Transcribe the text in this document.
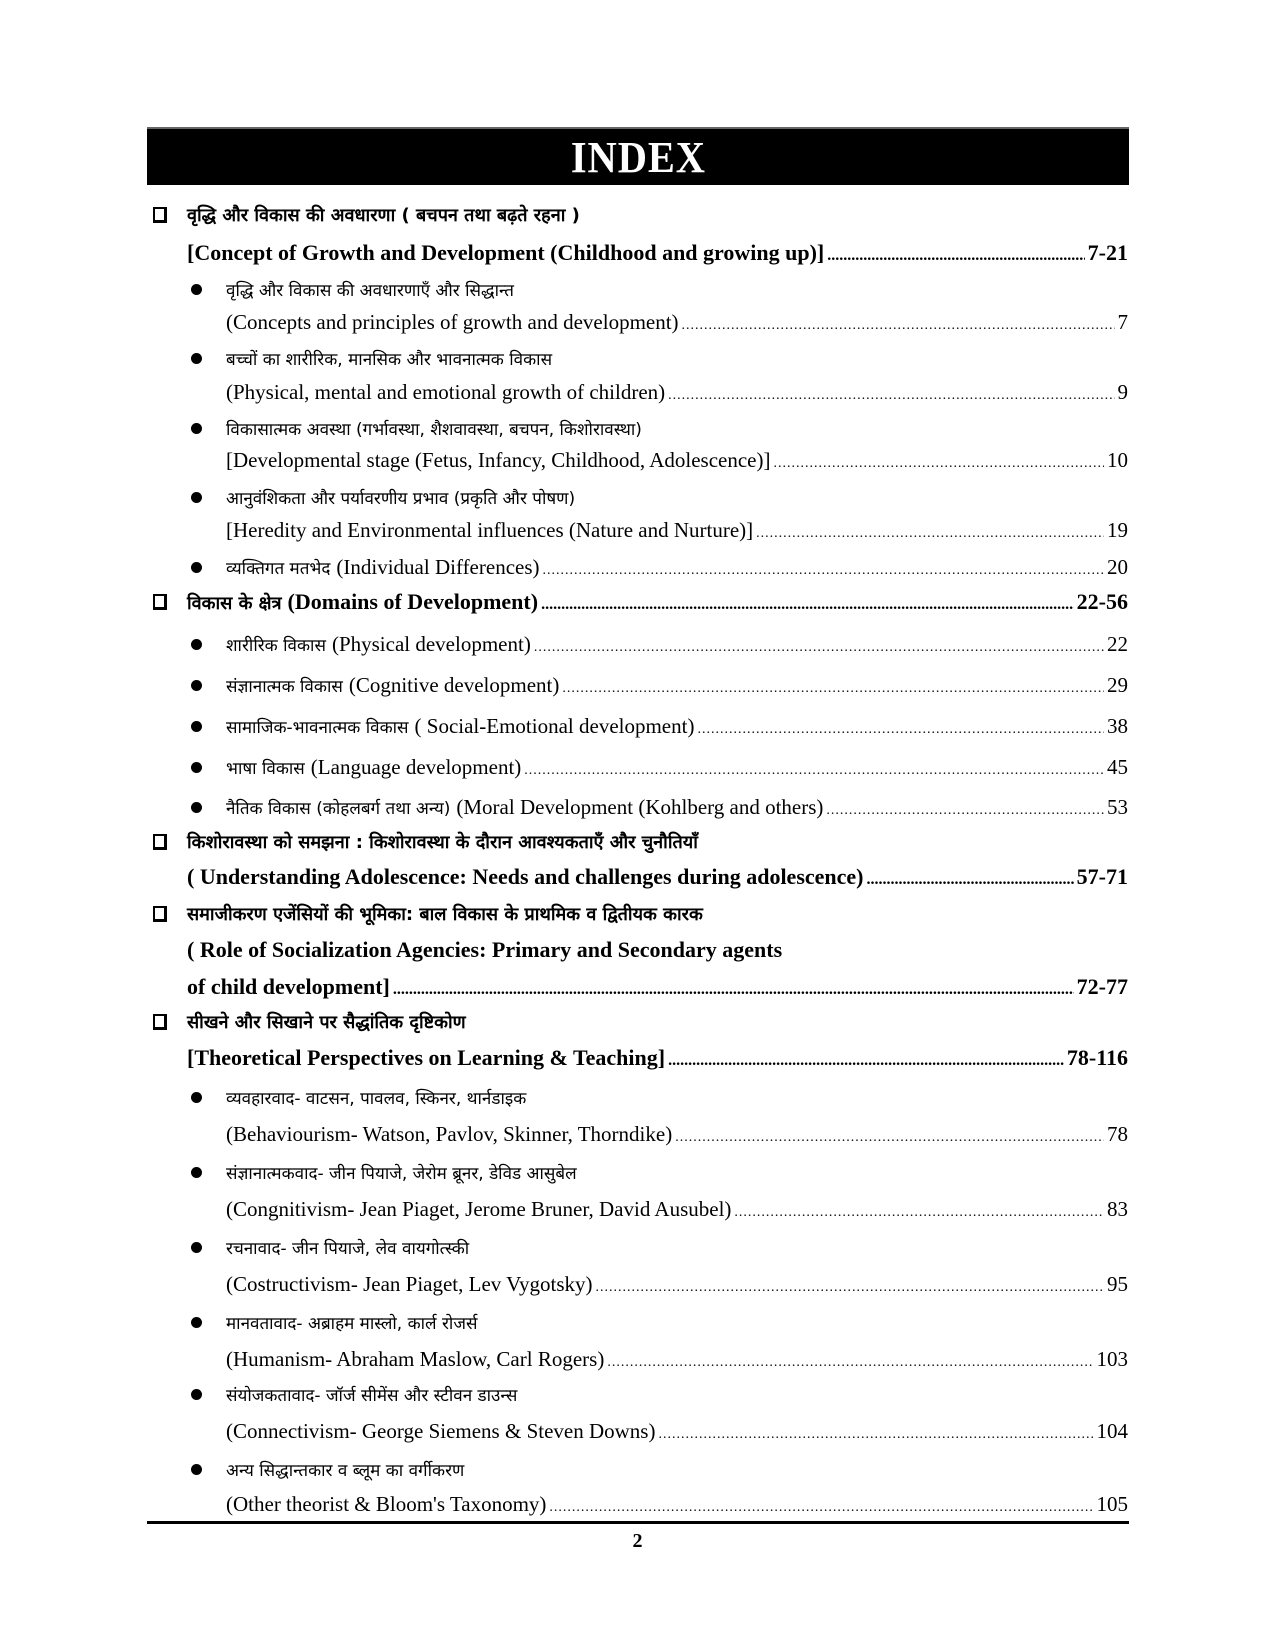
INDEX
वृद्धि और विकास की अवधारणा ( बचपन तथा बढ़ते रहना )
[Concept of Growth and Development (Childhood and growing up)] .....	7-21
वृद्धि और विकास की अवधारणाएँ और सिद्धान्त
(Concepts and principles of growth and development) .....	7
बच्चों का शारीरिक, मानसिक और भावनात्मक विकास
(Physical, mental and emotional growth of children) .....	9
विकासात्मक अवस्था (गर्भावस्था, शैशवावस्था, बचपन, किशोरावस्था)
[Developmental stage (Fetus, Infancy, Childhood, Adolescence)] .....	10
आनुवंशिकता और पर्यावरणीय प्रभाव (प्रकृति और पोषण)
[Heredity and Environmental influences (Nature and Nurture)] .....	19
व्यक्तिगत मतभेद (Individual Differences) .....	20
विकास के क्षेत्र (Domains of Development) .....	22-56
शारीरिक विकास (Physical development) .....	22
संज्ञानात्मक विकास (Cognitive development) .....	29
सामाजिक-भावनात्मक विकास ( Social-Emotional development) .....	38
भाषा विकास (Language development) .....	45
नैतिक विकास (कोहलबर्ग तथा अन्य) (Moral Development (Kohlberg and others) .....	53
किशोरावस्था को समझना : किशोरावस्था के दौरान आवश्यकताएँ और चुनौतियाँ
( Understanding Adolescence: Needs and challenges during adolescence) .....	57-71
समाजीकरण एजेंसियों की भूमिका: बाल विकास के प्राथमिक व द्वितीयक कारक
( Role of Socialization Agencies: Primary and Secondary agents
of child development] .....	72-77
सीखने और सिखाने पर सैद्धांतिक दृष्टिकोण
[Theoretical Perspectives on Learning & Teaching] .....	78-116
व्यवहारवाद- वाटसन, पावलव, स्किनर, थार्नडाइक
(Behaviourism- Watson, Pavlov, Skinner, Thorndike) .....	78
संज्ञानात्मकवाद- जीन पियाजे, जेरोम ब्रूनर, डेविड आसुबेल
(Congnitivism- Jean Piaget, Jerome Bruner, David Ausubel) .....	83
रचनावाद- जीन पियाजे, लेव वायगोत्स्की
(Costructivism- Jean Piaget, Lev Vygotsky) .....	95
मानवतावाद- अब्राहम मास्लो, कार्ल रोजर्स
(Humanism- Abraham Maslow, Carl Rogers) .....	103
संयोजकतावाद- जॉर्ज सीमेंस और स्टीवन डाउन्स
(Connectivism- George Siemens & Steven Downs) .....	104
अन्य सिद्धान्तकार व ब्लूम का वर्गीकरण
(Other theorist & Bloom's Taxonomy) .....	105
2
